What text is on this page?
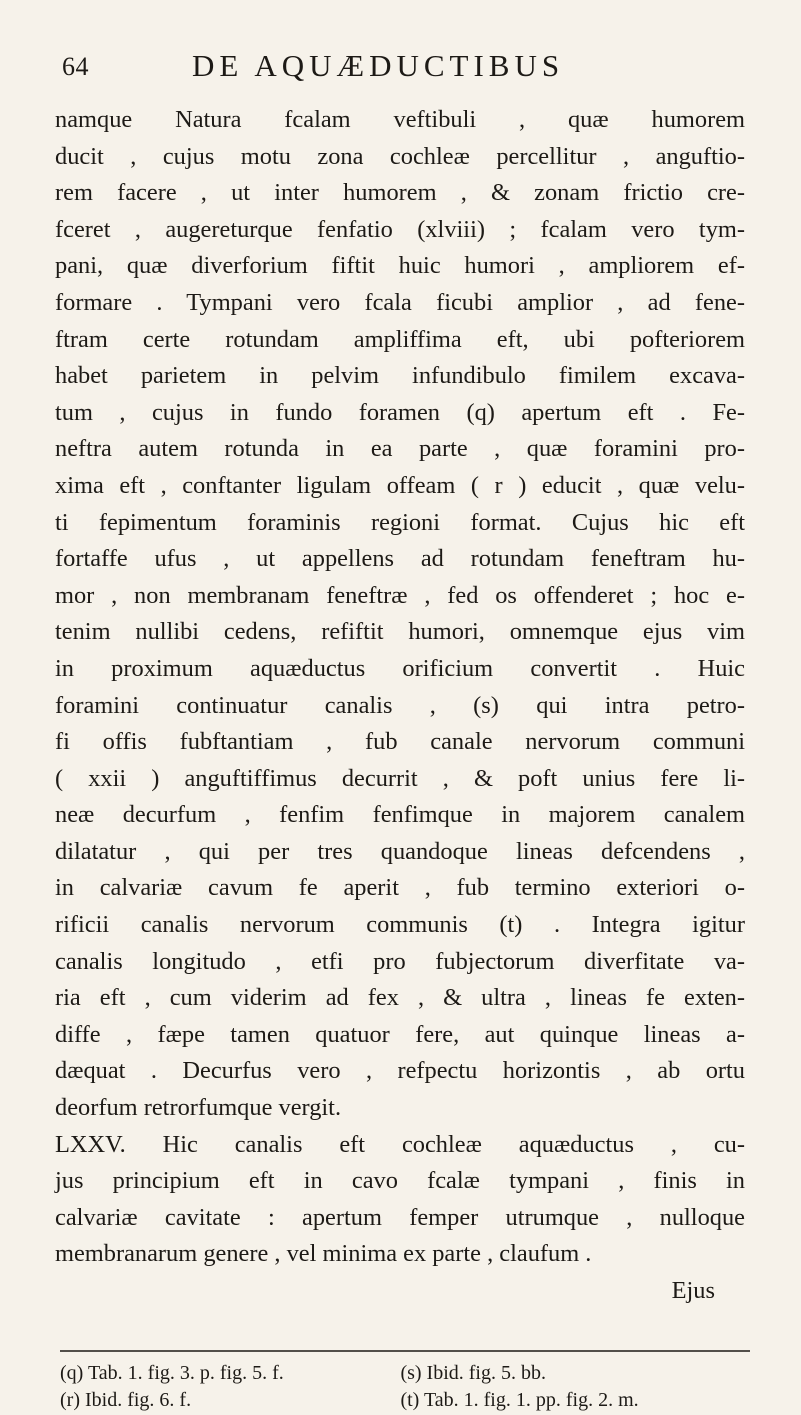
64	DE AQUÆDUCTIBUS
namque Natura fcalam veftibuli , quæ humorem
ducit , cujus motu zona cochleæ percellitur , anguftio-
rem facere , ut inter humorem , & zonam frictio cre-
fceret , augereturque fenfatio (xlviii) ; fcalam vero tym-
pani, quæ diverforium fiftit huic humori , ampliorem ef-
formare . Tympani vero fcala ficubi amplior , ad fene-
ftram certe rotundam ampliffima eft, ubi pofteriorem
habet parietem in pelvim infundibulo fimilem excava-
tum , cujus in fundo foramen (q) apertum eft . Fe-
neftra autem rotunda in ea parte , quæ foramini pro-
xima eft , conftanter ligulam offeam ( r ) educit , quæ velu-
ti fepimentum foraminis regioni format. Cujus hic eft
fortaffe ufus , ut appellens ad rotundam feneftram hu-
mor , non membranam feneftræ , fed os offenderet ; hoc e-
tenim nullibi cedens, refiftit humori, omnemque ejus vim
in proximum aquæductus orificium convertit . Huic
foramini continuatur canalis , (s) qui intra petro-
fi offis fubftantiam , fub canale nervorum communi
( xxii ) anguftiffimus decurrit , & poft unius fere li-
neæ decurfum , fenfim fenfimque in majorem canalem
dilatatur , qui per tres quandoque lineas defcendens ,
in calvariæ cavum fe aperit , fub termino exteriori o-
rificii canalis nervorum communis (t) . Integra igitur
canalis longitudo , etfi pro fubjectorum diverfitate va-
ria eft , cum viderim ad fex , & ultra , lineas fe exten-
diffe , fæpe tamen quatuor fere, aut quinque lineas a-
dæquat . Decurfus vero , refpectu horizontis , ab ortu
deorfum retrorfumque vergit.
LXXV. Hic canalis eft cochleæ aquæductus , cu-
jus principium eft in cavo fcalæ tympani , finis in
calvariæ cavitate : apertum femper utrumque , nulloque
membranarum genere , vel minima ex parte , claufum .
Ejus
(q) Tab. 1. fig. 3. p. fig. 5. f.	(s) Ibid. fig. 5. bb.
(r) Ibid. fig. 6. f.	(t) Tab. 1. fig. 1. pp. fig. 2. m.
